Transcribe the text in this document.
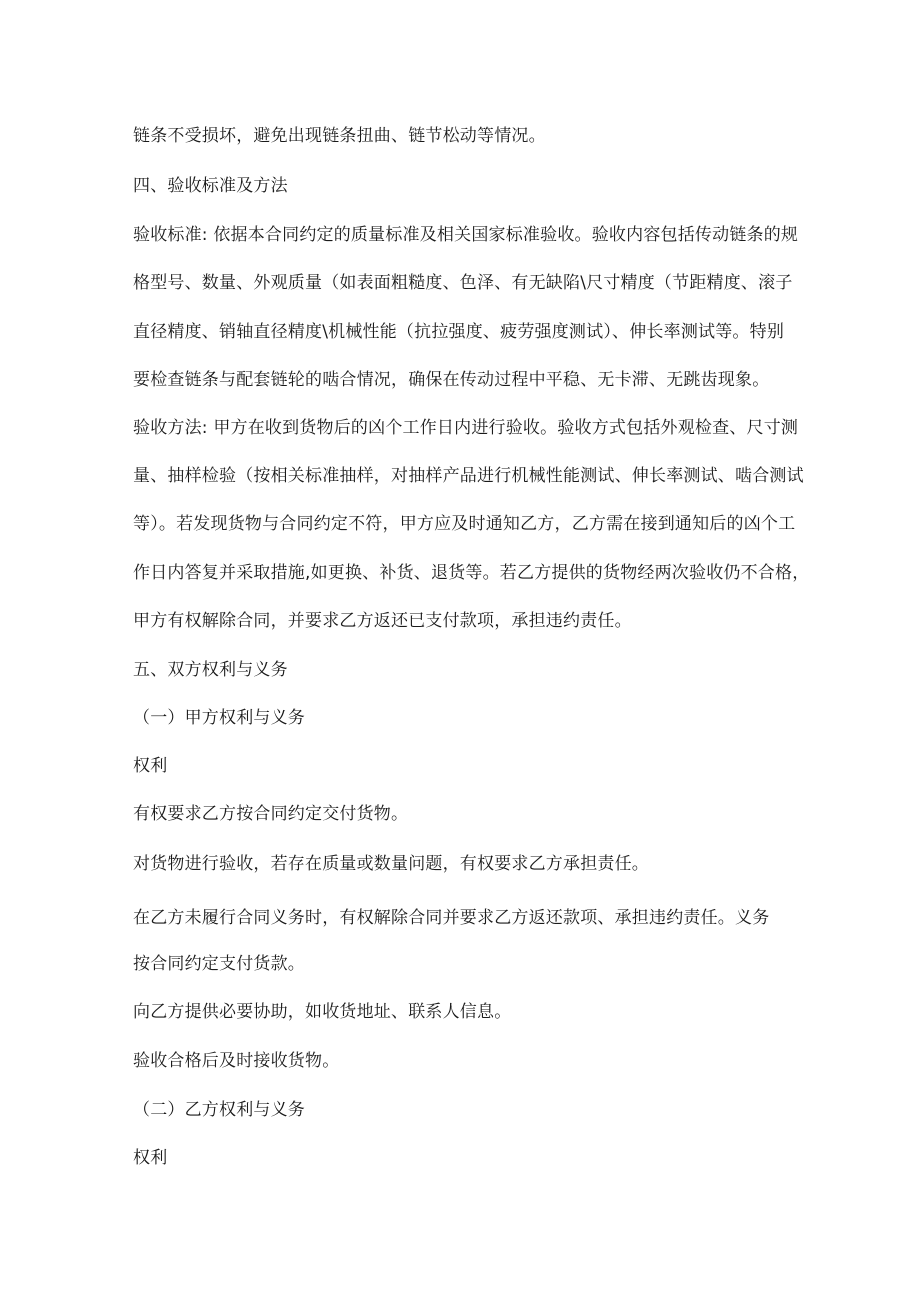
链条不受损坏，避免出现链条扭曲、链节松动等情况。

四、验收标准及方法

验收标准: 依据本合同约定的质量标准及相关国家标准验收。验收内容包括传动链条的规

格型号、数量、外观质量（如表面粗糙度、色泽、有无缺陷\尺寸精度（节距精度、滚子

直径精度、销轴直径精度\机械性能（抗拉强度、疲劳强度测试）、伸长率测试等。特别

要检查链条与配套链轮的啮合情况，确保在传动过程中平稳、无卡滞、无跳齿现象。

验收方法: 甲方在收到货物后的凶个工作日内进行验收。验收方式包括外观检查、尺寸测

量、抽样检验（按相关标准抽样，对抽样产品进行机械性能测试、伸长率测试、啮合测试

等）。若发现货物与合同约定不符，甲方应及时通知乙方，乙方需在接到通知后的凶个工

作日内答复并采取措施,如更换、补货、退货等。若乙方提供的货物经两次验收仍不合格，

甲方有权解除合同，并要求乙方返还已支付款项，承担违约责任。

五、双方权利与义务

（一）甲方权利与义务

权利

有权要求乙方按合同约定交付货物。

对货物进行验收，若存在质量或数量问题，有权要求乙方承担责任。

在乙方未履行合同义务时，有权解除合同并要求乙方返还款项、承担违约责任。义务

按合同约定支付货款。

向乙方提供必要协助，如收货地址、联系人信息。

验收合格后及时接收货物。

（二）乙方权利与义务

权利
